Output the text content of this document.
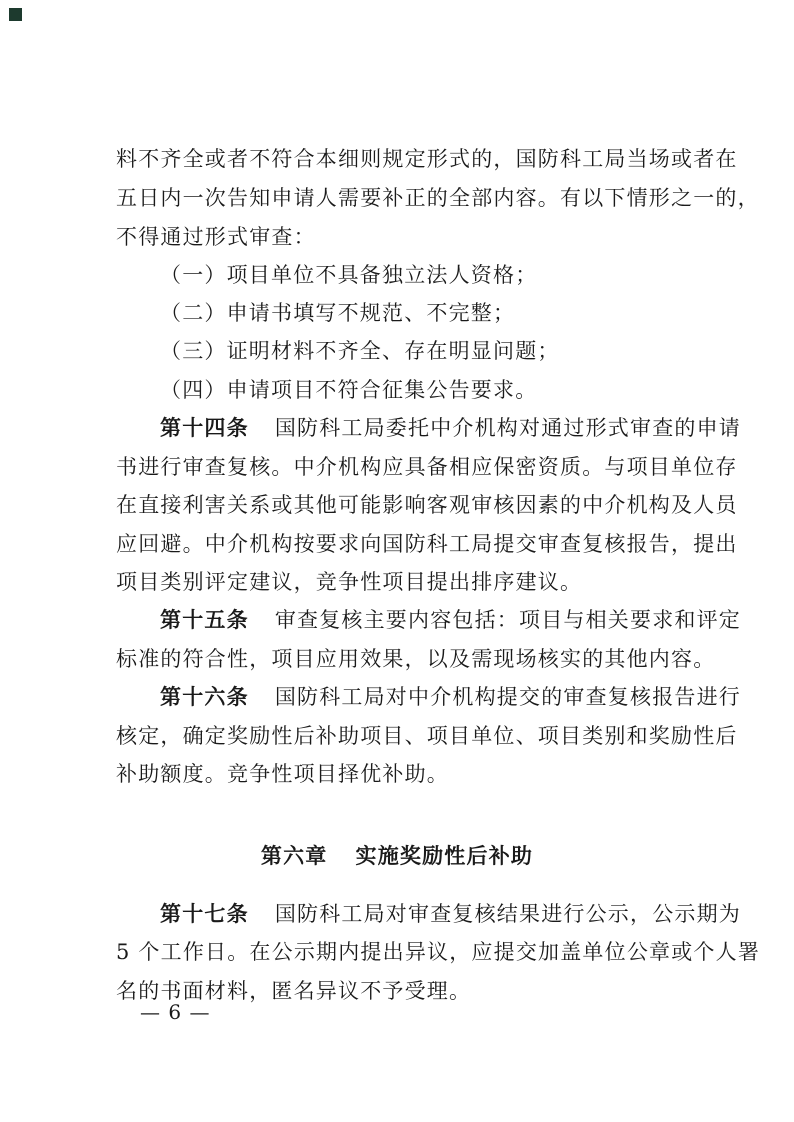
料不齐全或者不符合本细则规定形式的，国防科工局当场或者在
五日内一次告知申请人需要补正的全部内容。有以下情形之一的，
不得通过形式审查：
（一）项目单位不具备独立法人资格；
（二）申请书填写不规范、不完整；
（三）证明材料不齐全、存在明显问题；
（四）申请项目不符合征集公告要求。
第十四条 国防科工局委托中介机构对通过形式审查的申请
书进行审查复核。中介机构应具备相应保密资质。与项目单位存
在直接利害关系或其他可能影响客观审核因素的中介机构及人员
应回避。中介机构按要求向国防科工局提交审查复核报告，提出
项目类别评定建议，竞争性项目提出排序建议。
第十五条 审查复核主要内容包括：项目与相关要求和评定
标准的符合性，项目应用效果，以及需现场核实的其他内容。
第十六条 国防科工局对中介机构提交的审查复核报告进行
核定，确定奖励性后补助项目、项目单位、项目类别和奖励性后
补助额度。竞争性项目择优补助。
第六章 实施奖励性后补助
第十七条 国防科工局对审查复核结果进行公示，公示期为
5 个工作日。在公示期内提出异议，应提交加盖单位公章或个人署
名的书面材料，匿名异议不予受理。
— 6 —
